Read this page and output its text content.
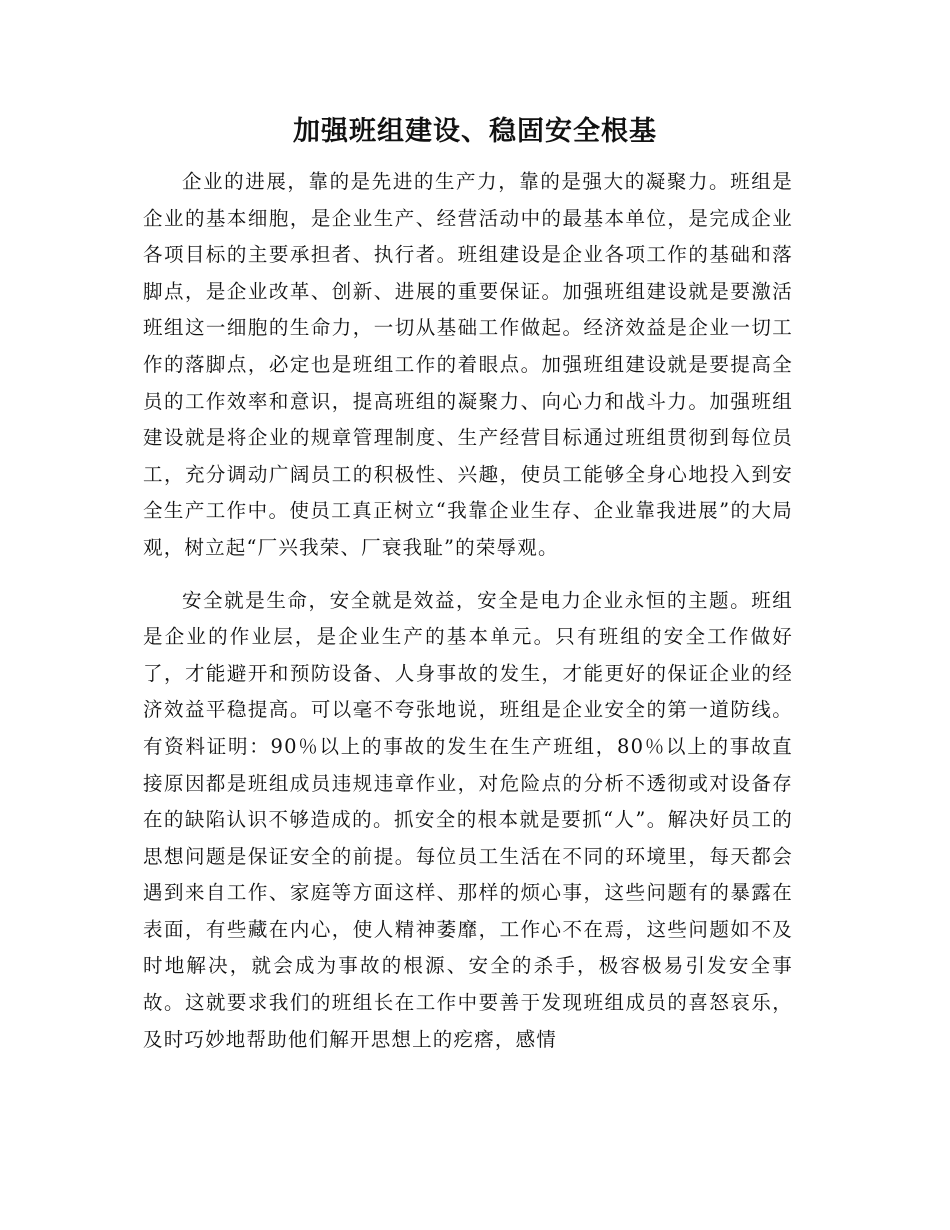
加强班组建设、稳固安全根基

企业的进展，靠的是先进的生产力，靠的是强大的凝聚力。班组是企业的基本细胞，是企业生产、经营活动中的最基本单位，是完成企业各项目标的主要承担者、执行者。班组建设是企业各项工作的基础和落脚点，是企业改革、创新、进展的重要保证。加强班组建设就是要激活班组这一细胞的生命力，一切从基础工作做起。经济效益是企业一切工作的落脚点，必定也是班组工作的着眼点。加强班组建设就是要提高全员的工作效率和意识，提高班组的凝聚力、向心力和战斗力。加强班组建设就是将企业的规章管理制度、生产经营目标通过班组贯彻到每位员工，充分调动广阔员工的积极性、兴趣，使员工能够全身心地投入到安全生产工作中。使员工真正树立“我靠企业生存、企业靠我进展”的大局观，树立起“厂兴我荣、厂衰我耻”的荣辱观。

安全就是生命，安全就是效益，安全是电力企业永恒的主题。班组是企业的作业层，是企业生产的基本单元。只有班组的安全工作做好了，才能避开和预防设备、人身事故的发生，才能更好的保证企业的经济效益平稳提高。可以毫不夸张地说，班组是企业安全的第一道防线。有资料证明：90％以上的事故的发生在生产班组，80％以上的事故直接原因都是班组成员违规违章作业，对危险点的分析不透彻或对设备存在的缺陷认识不够造成的。抓安全的根本就是要抓“人”。解决好员工的思想问题是保证安全的前提。每位员工生活在不同的环境里，每天都会遇到来自工作、家庭等方面这样、那样的烦心事，这些问题有的暴露在表面，有些藏在内心，使人精神萎靡，工作心不在焉，这些问题如不及时地解决，就会成为事故的根源、安全的杀手，极容极易引发安全事故。这就要求我们的班组长在工作中要善于发现班组成员的喜怒哀乐，及时巧妙地帮助他们解开思想上的疙瘩，感情
